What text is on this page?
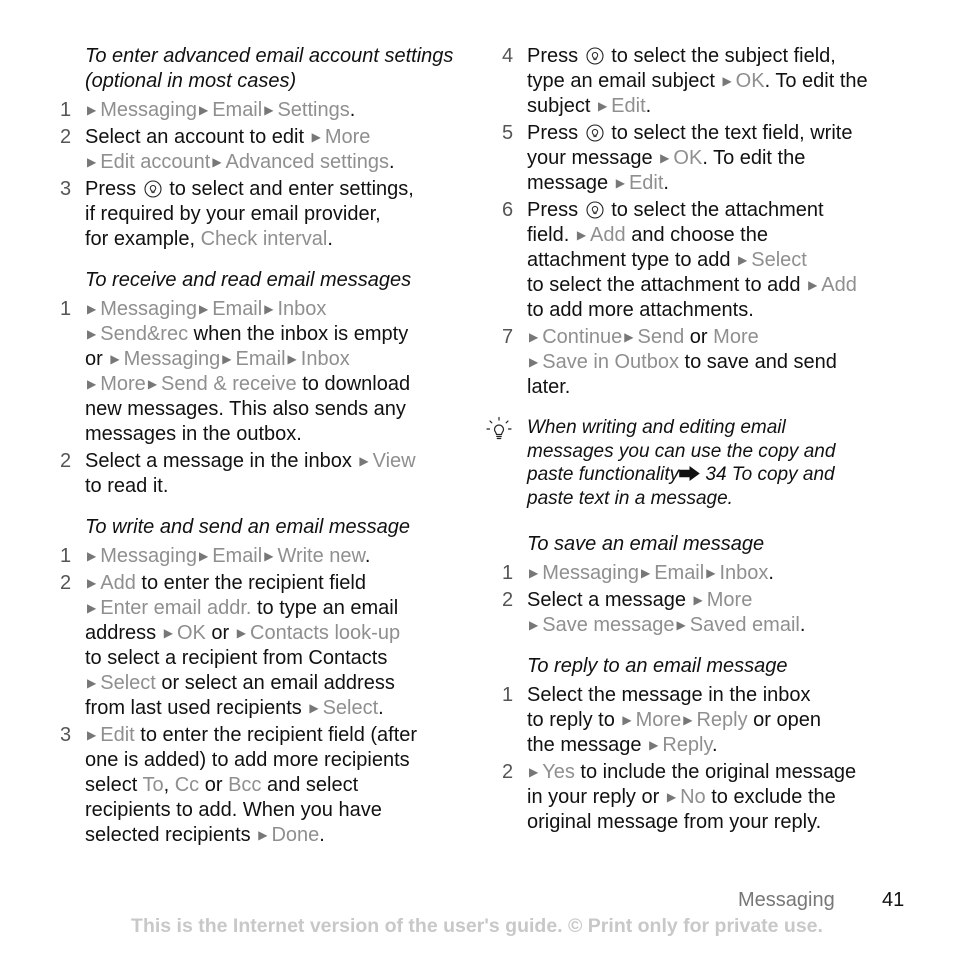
To enter advanced email account settings (optional in most cases)
1	▶ Messaging ▶ Email ▶ Settings.
2 Select an account to edit ▶ More
▶ Edit account ▶ Advanced settings.
3 Press  to select and enter settings,
if required by your email provider,
for example, Check interval.
To receive and read email messages
1	▶ Messaging ▶ Email ▶ Inbox
▶ Send&rec when the inbox is empty
or ▶ Messaging ▶ Email ▶ Inbox
▶ More ▶ Send & receive to download
new messages. This also sends any
messages in the outbox.
2 Select a message in the inbox ▶ View
to read it.
To write and send an email message
1	▶ Messaging ▶ Email ▶ Write new.
2	▶ Add to enter the recipient field
▶ Enter email addr. to type an email
address ▶ OK or ▶ Contacts look-up
to select a recipient from Contacts
▶ Select or select an email address
from last used recipients ▶ Select.
3	▶ Edit to enter the recipient field (after
one is added) to add more recipients
select To, Cc or Bcc and select
recipients to add. When you have
selected recipients ▶ Done.
4 Press  to select the subject field,
type an email subject ▶ OK. To edit the
subject ▶ Edit.
5 Press  to select the text field, write
your message ▶ OK. To edit the
message ▶ Edit.
6 Press  to select the attachment
field. ▶ Add and choose the
attachment type to add ▶ Select
to select the attachment to add ▶ Add
to add more attachments.
7	▶ Continue ▶ Send or More
▶ Save in Outbox to save and send
later.
When writing and editing email
messages you can use the copy and
paste functionality 34 To copy and
paste text in a message.
To save an email message
1	▶ Messaging ▶ Email ▶ Inbox.
2 Select a message ▶ More
▶ Save message ▶ Saved email.
To reply to an email message
1 Select the message in the inbox
to reply to ▶ More ▶ Reply or open
the message ▶ Reply.
2	▶ Yes to include the original message
in your reply or ▶ No to exclude the
original message from your reply.
Messaging 41
This is the Internet version of the user's guide. © Print only for private use.
